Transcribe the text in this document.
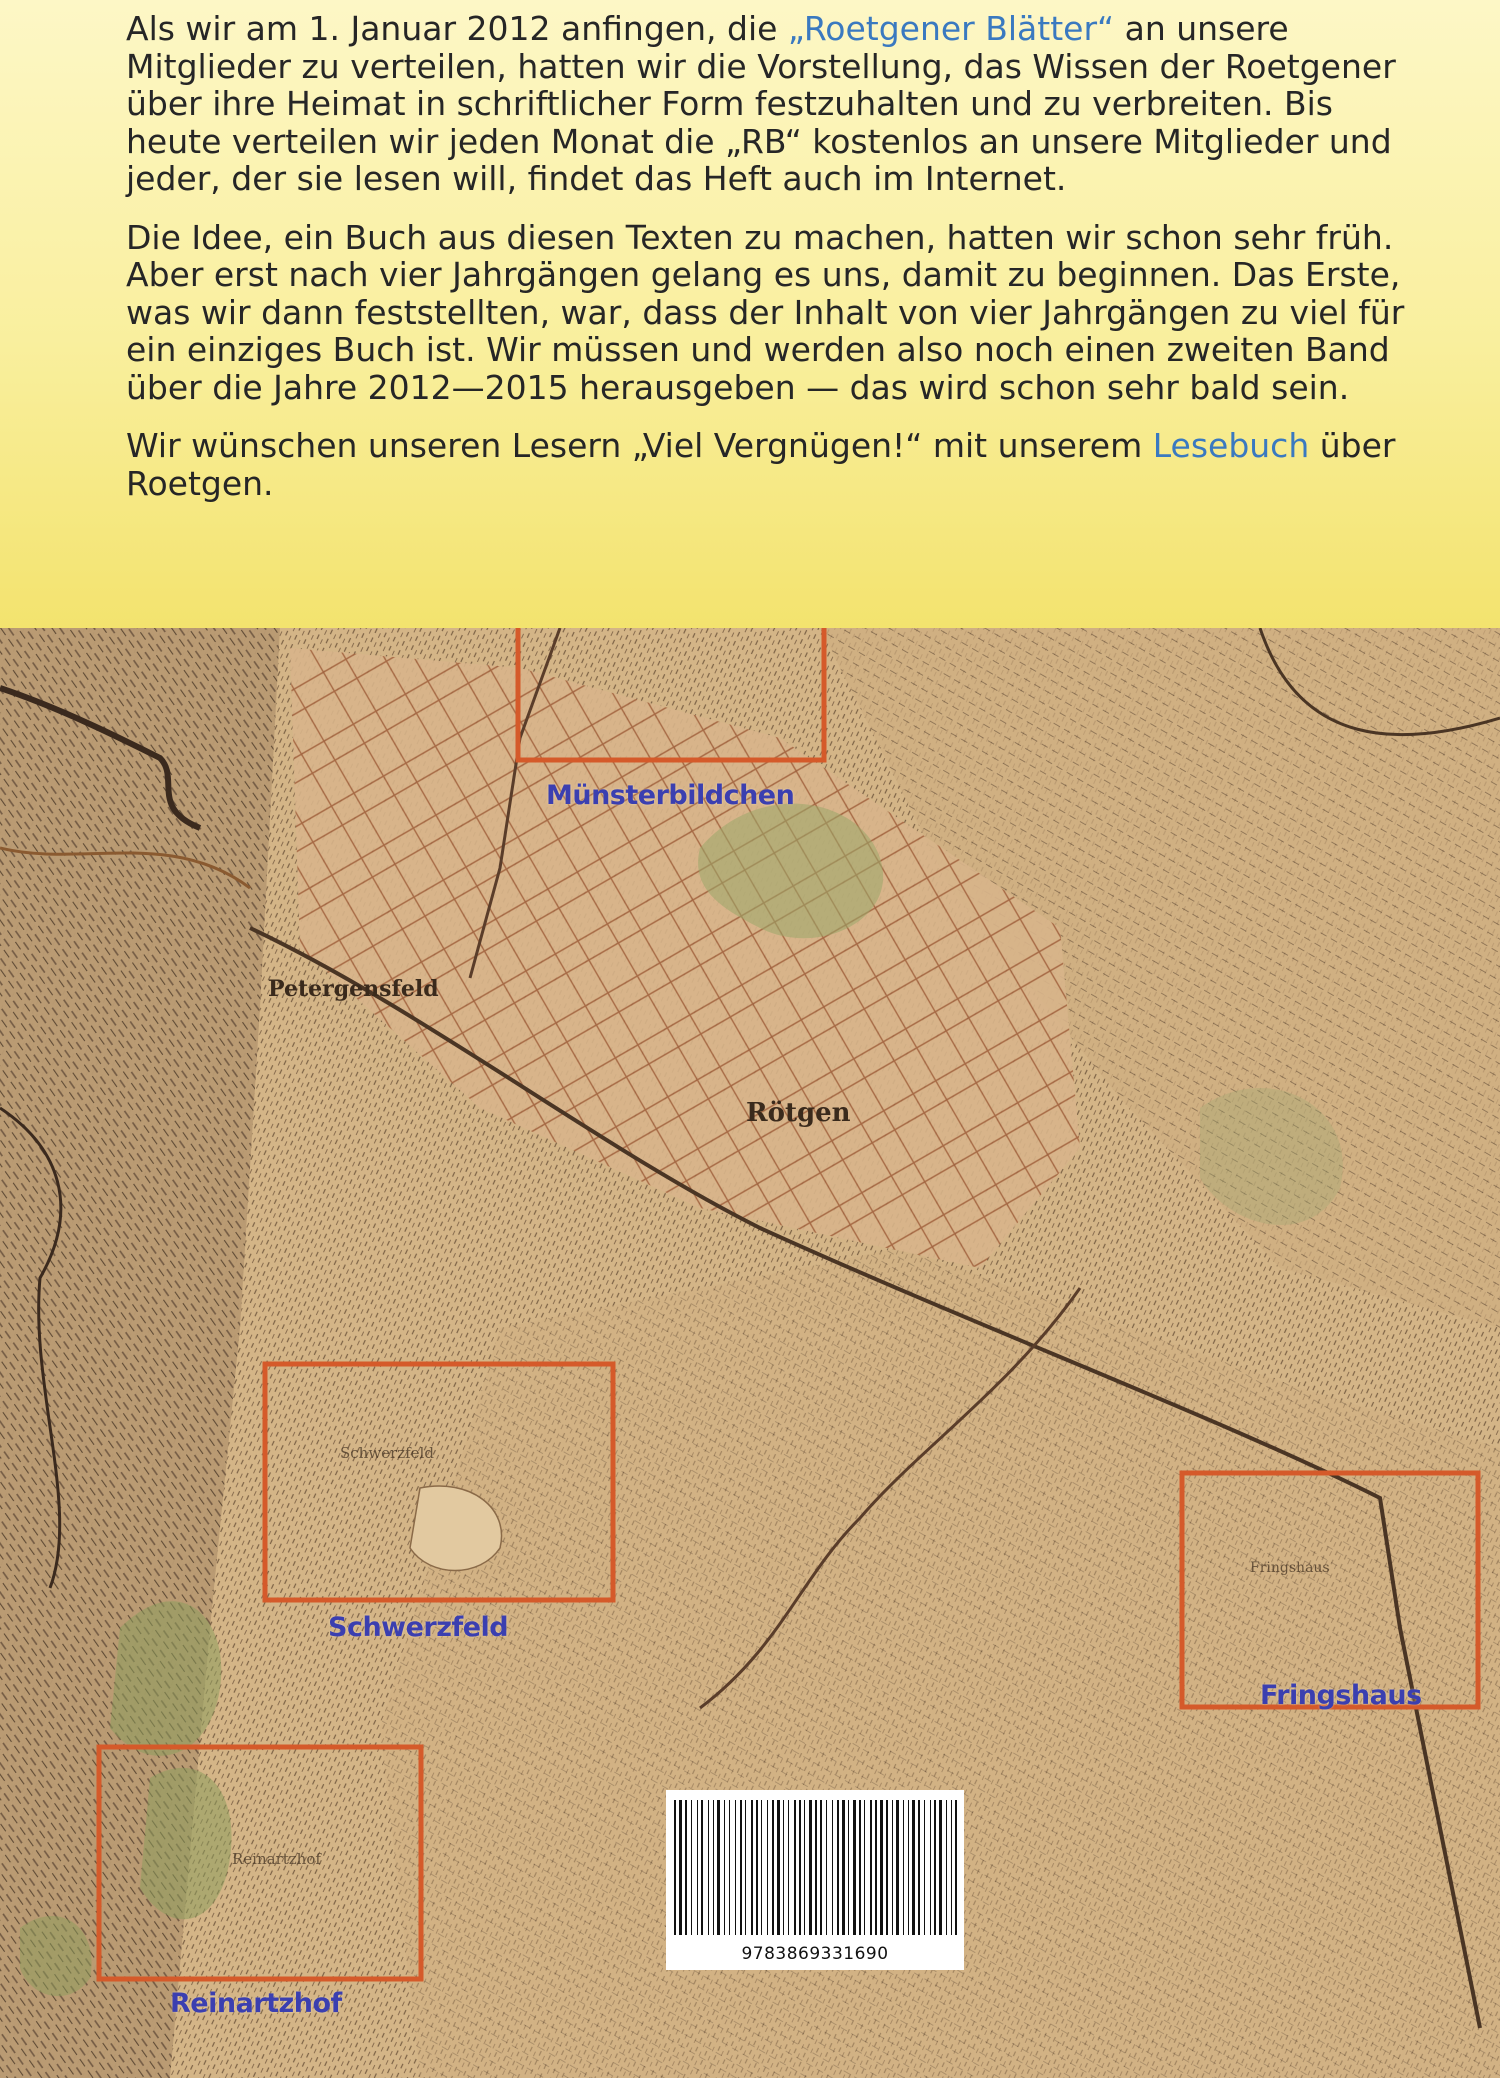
Als wir am 1. Januar 2012 anfingen, die „Roetgener Blätter“ an unsere Mitglieder zu verteilen, hatten wir die Vorstellung, das Wissen der Roetgener über ihre Heimat in schriftlicher Form festzuhalten und zu verbreiten. Bis heute verteilen wir jeden Monat die „RB“ kostenlos an unsere Mitglieder und jeder, der sie lesen will, findet das Heft auch im Internet.

Die Idee, ein Buch aus diesen Texten zu machen, hatten wir schon sehr früh. Aber erst nach vier Jahrgängen gelang es uns, damit zu beginnen. Das Erste, was wir dann feststellten, war, dass der Inhalt von vier Jahrgängen zu viel für ein einziges Buch ist. Wir müssen und werden also noch einen zweiten Band über die Jahre 2012—2015 herausgeben — das wird schon sehr bald sein.

Wir wünschen unseren Lesern „Viel Vergnügen!“ mit unserem Lesebuch über Roetgen.

Petergensfeld
Rötgen
Schwerzfeld
Fringshaus
Reinartzhof
Münsterbildchen
Schwerzfeld
Fringshaus
Reinartzhof
9783869331690
